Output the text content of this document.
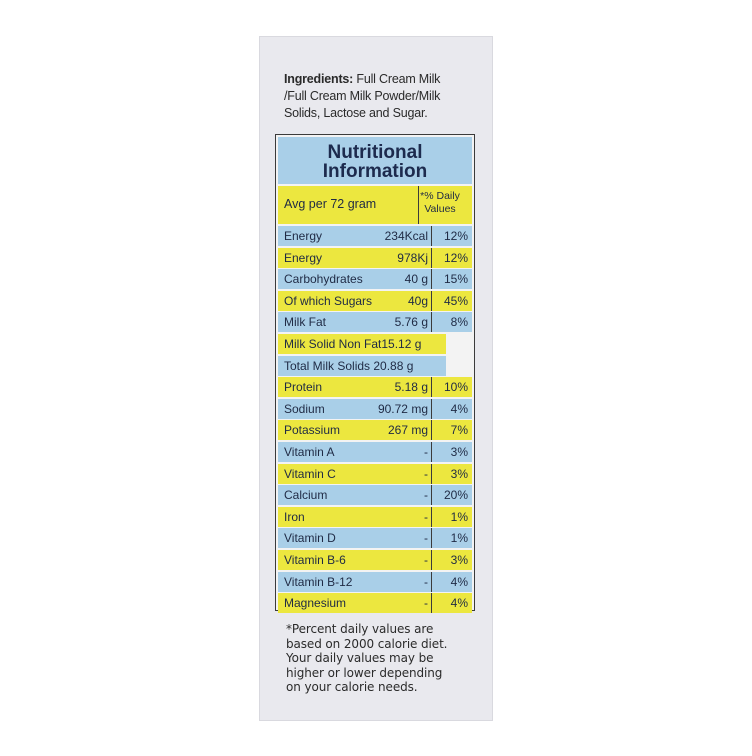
Ingredients: Full Cream Milk
/Full Cream Milk Powder/Milk
Solids, Lactose and Sugar.
Nutritional
Information
Avg per 72 gram
*% Daily
Values
Energy	234Kcal 12%
Energy	978Kj 12%
Carbohydrates	40 g 15%
Of which Sugars	40g 45%
Milk Fat	5.76 g 8%
Milk Solid Non Fat15.12 g
Total Milk Solids 20.88 g
Protein	5.18 g 10%
Sodium	90.72 mg 4%
Potassium	267 mg 7%
Vitamin A	- 3%
Vitamin C	- 3%
Calcium	- 20%
Iron	- 1%
Vitamin D	- 1%
Vitamin B-6	- 3%
Vitamin B-12	- 4%
Magnesium	- 4%
*Percent daily values are
based on 2000 calorie diet.
Your daily values may be
higher or lower depending
on your calorie needs.
